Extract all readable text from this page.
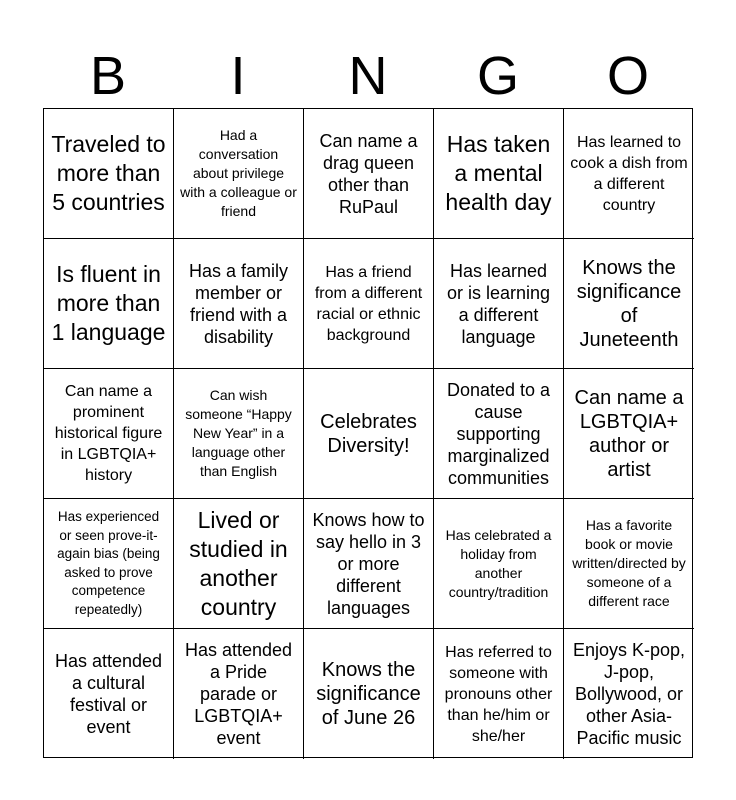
B	I	N	G	O
Traveled to more than 5 countries
Had a conversation about privilege with a colleague or friend
Can name a drag queen other than RuPaul
Has taken a mental health day
Has learned to cook a dish from a different country
Is fluent in more than 1 language
Has a family member or friend with a disability
Has a friend from a different racial or ethnic background
Has learned or is learning a different language
Knows the significance of Juneteenth
Can name a prominent historical figure in LGBTQIA+ history
Can wish someone “Happy New Year” in a language other than English
Celebrates Diversity!
Donated to a cause supporting marginalized communities
Can name a LGBTQIA+ author or artist
Has experienced or seen prove-it-again bias (being asked to prove competence repeatedly)
Lived or studied in another country
Knows how to say hello in 3 or more different languages
Has celebrated a holiday from another country/tradition
Has a favorite book or movie written/directed by someone of a different race
Has attended a cultural festival or event
Has attended a Pride parade or LGBTQIA+ event
Knows the significance of June 26
Has referred to someone with pronouns other than he/him or she/her
Enjoys K-pop, J-pop, Bollywood, or other Asia-Pacific music
